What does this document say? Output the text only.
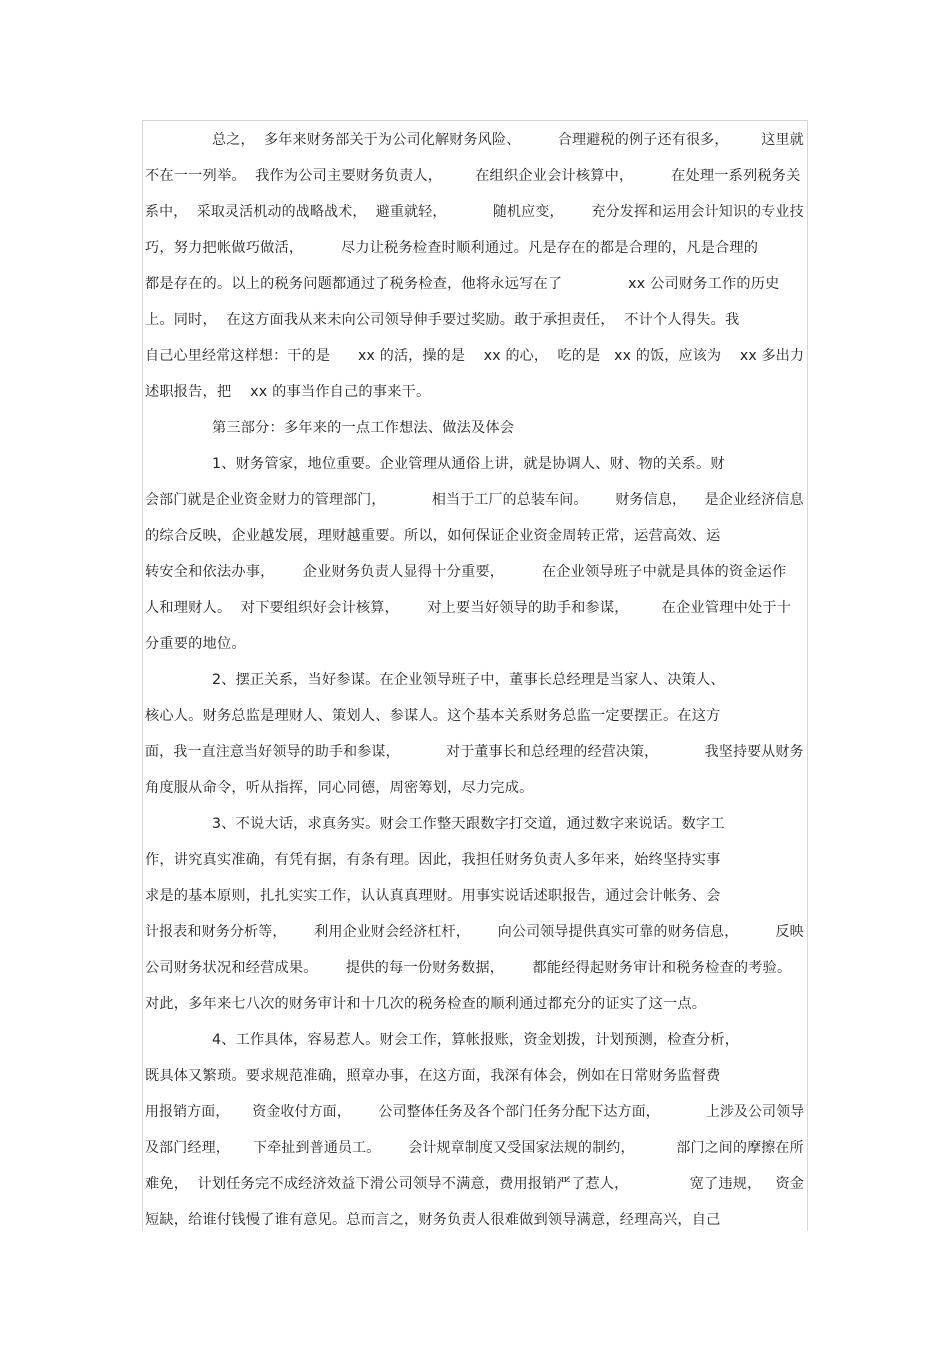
总之，  多年来财务部关于为公司化解财务风险、        合理避税的例子还有很多，       这里就
不在一一列举。  我作为公司主要财务负责人，       在组织企业会计核算中，        在处理一系列税务关
系中，  采取灵活机动的战略战术，  避重就轻，          随机应变，      充分发挥和运用会计知识的专业技
巧，努力把帐做巧做活，        尽力让税务检查时顺利通过。凡是存在的都是合理的，凡是合理的
都是存在的。以上的税务问题都通过了税务检查，他将永远写在了              xx 公司财务工作的历史
上。同时，  在这方面我从来未向公司领导伸手要过奖励。敢于承担责任，  不计个人得失。我
自己心里经常这样想：干的是      xx 的活，操的是    xx 的心，  吃的是   xx 的饭，应该为    xx 多出力
述职报告，把    xx 的事当作自己的事来干。
第三部分：多年来的一点工作想法、做法及体会
1、财务管家，地位重要。企业管理从通俗上讲，就是协调人、财、物的关系。财
会部门就是企业资金财力的管理部门，          相当于工厂的总装车间。      财务信息，    是企业经济信息
的综合反映，企业越发展，理财越重要。所以，如何保证企业资金周转正常，运营高效、运
转安全和依法办事，      企业财务负责人显得十分重要，        在企业领导班子中就是具体的资金运作
人和理财人。  对下要组织好会计核算，      对上要当好领导的助手和参谋，       在企业管理中处于十
分重要的地位。
2、摆正关系，当好参谋。在企业领导班子中，董事长总经理是当家人、决策人、
核心人。财务总监是理财人、策划人、参谋人。这个基本关系财务总监一定要摆正。在这方
面，我一直注意当好领导的助手和参谋，          对于董事长和总经理的经营决策，          我坚持要从财务
角度服从命令，听从指挥，同心同德，周密筹划，尽力完成。
3、不说大话，求真务实。财会工作整天跟数字打交道，通过数字来说话。数字工
作，讲究真实准确，有凭有据，有条有理。因此，我担任财务负责人多年来，始终坚持实事
求是的基本原则，扎扎实实工作，认认真真理财。用事实说话述职报告，通过会计帐务、会
计报表和财务分析等，      利用企业财会经济杠杆，      向公司领导提供真实可靠的财务信息，        反映
公司财务状况和经营成果。      提供的每一份财务数据，      都能经得起财务审计和税务检查的考验。
对此，多年来七八次的财务审计和十几次的税务检查的顺利通过都充分的证实了这一点。
4、工作具体，容易惹人。财会工作，算帐报账，资金划拨，计划预测，检查分析，
既具体又繁琐。要求规范准确，照章办事，在这方面，我深有体会，例如在日常财务监督费
用报销方面，     资金收付方面，      公司整体任务及各个部门任务分配下达方面，          上涉及公司领导
及部门经理，     下牵扯到普通员工。      会计规章制度又受国家法规的制约，         部门之间的摩擦在所
难免，  计划任务完不成经济效益下滑公司领导不满意，费用报销严了惹人，             宽了违规，   资金
短缺，给谁付钱慢了谁有意见。总而言之，财务负责人很难做到领导满意，经理高兴，自己
